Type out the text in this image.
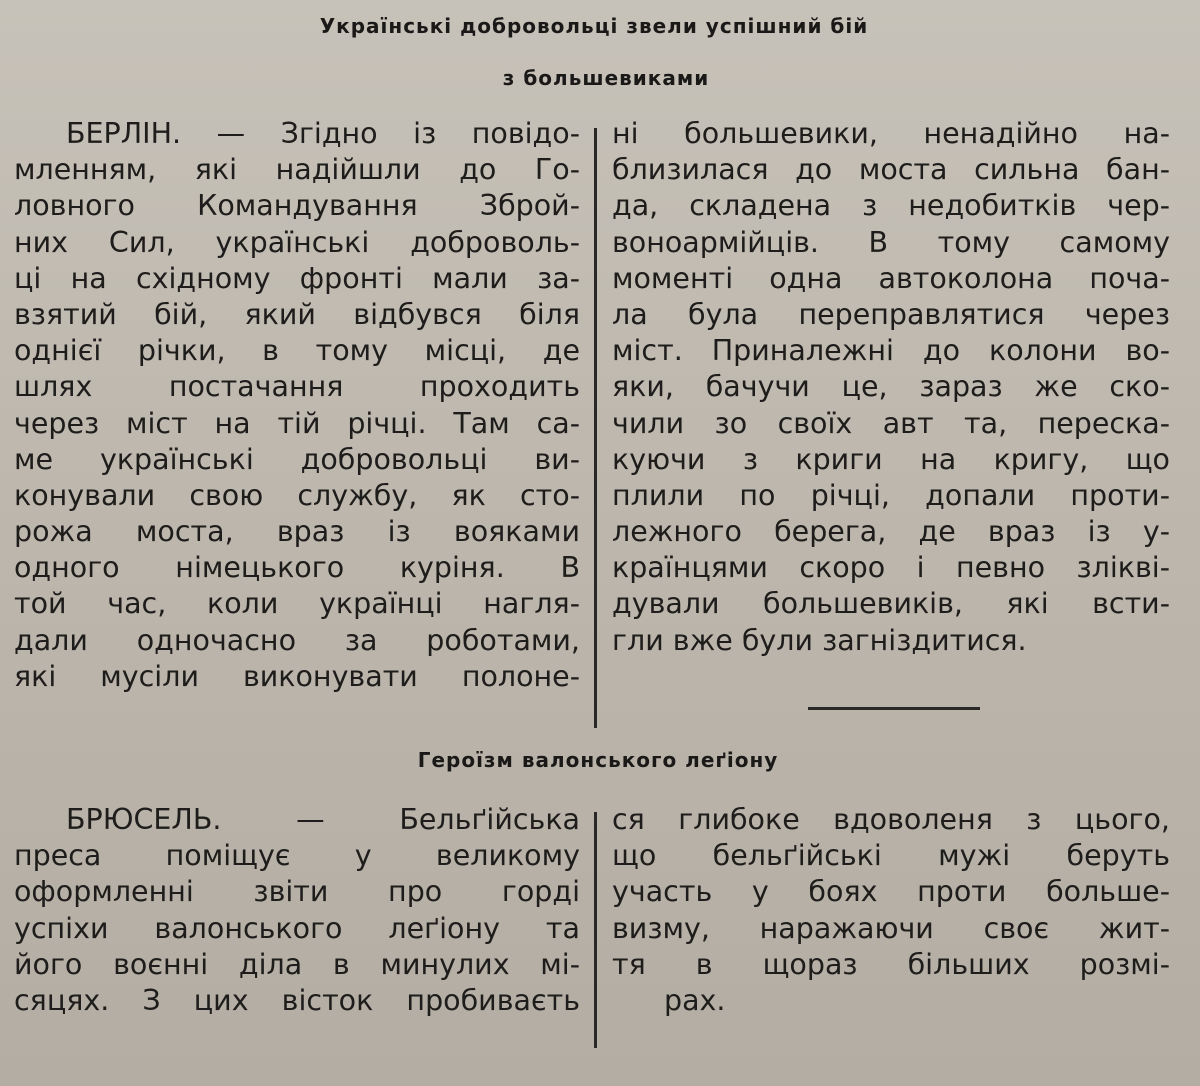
Українські добровольці звели успішний бій
з большевиками
БЕРЛІН. — Згідно із повідо-
мленням, які надійшли до Го-
ловного Командування Зброй-
них Сил, українські доброволь-
ці на східному фронті мали за-
взятий бій, який відбувся біля
однієї річки, в тому місці, де
шлях постачання проходить
через міст на тій річці. Там са-
ме українські добровольці ви-
конували свою службу, як сто-
рожа моста, враз із вояками
одного німецького куріня. В
той час, коли українці нагля-
дали одночасно за роботами,
які мусіли виконувати полоне-
ні большевики, ненадійно на-
близилася до моста сильна бан-
да, складена з недобитків чер-
воноармійців. В тому самому
моменті одна автоколона поча-
ла була переправлятися через
міст. Приналежні до колони во-
яки, бачучи це, зараз же ско-
чили зо своїх авт та, переска-
куючи з криги на кригу, що
плили по річці, допали проти-
лежного берега, де враз із у-
країнцями скоро і певно зліквi-
дували большевиків, які всти-
гли вже були загніздитися.
Героїзм валонського леґіону
БРЮСЕЛЬ. — Бельґійська
преса поміщує у великому
оформленні звіти про горді
успіхи валонського леґіону та
його воєнні діла в минулих мі-
сяцях. З цих вісток пробиваєть
ся глибоке вдоволеня з цього,
що бельґійські мужі беруть
участь у боях проти больше-
визму, наражаючи своє жит-
тя в щораз більших розмі-
рах.
